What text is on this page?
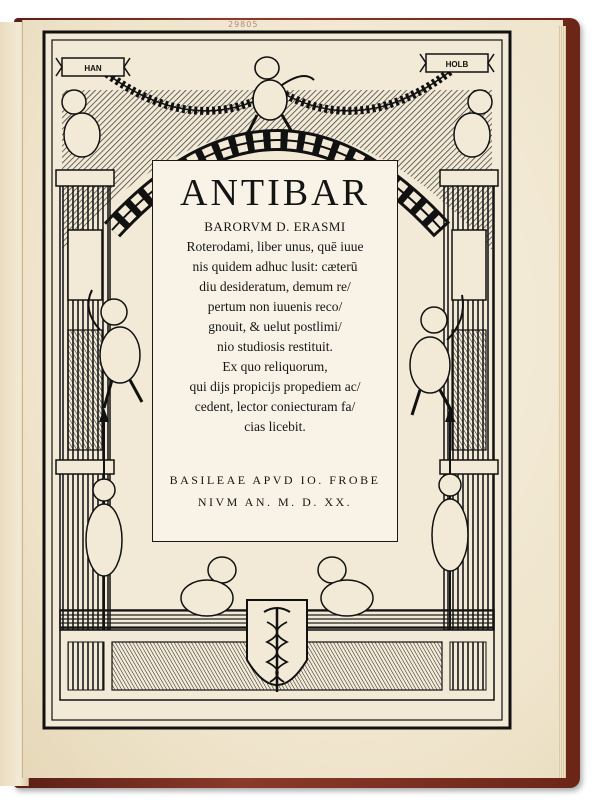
29805
HAN	HOLB
ANTIBAR
BARORVM D. ERASMI
Roterodami, liber unus, quē iuue
nis quidem adhuc lusit: cæterū
diu desideratum, demum re/
pertum non iuuenis reco/
gnouit, & uelut postlimi/
nio studiosis restituit.
Ex quo reliquorum,
qui dijs propicijs propediem ac/
cedent, lector coniecturam fa/
cias licebit.
BASILEAE APVD IO. FROBE
NIVM AN. M. D. XX.
